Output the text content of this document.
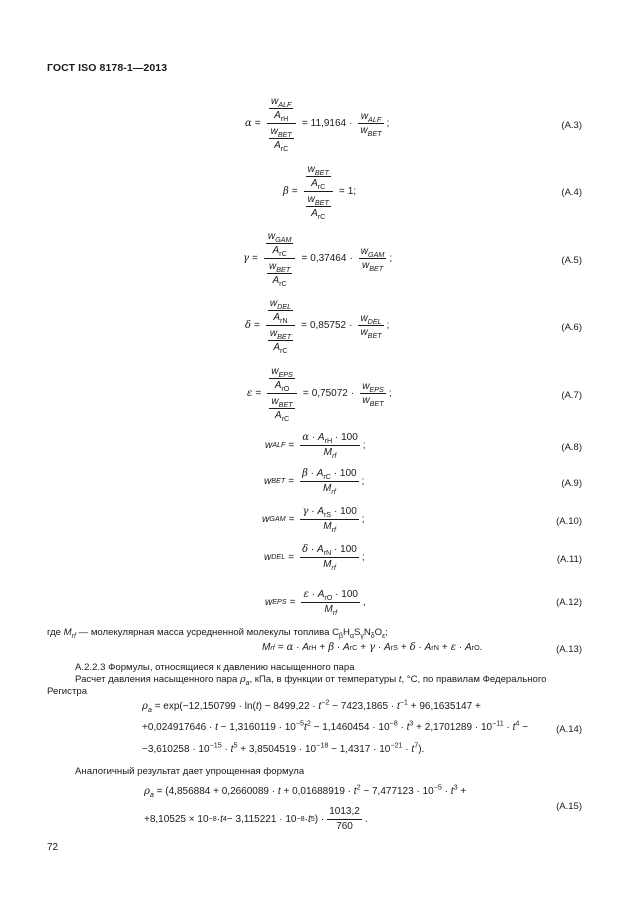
ГОСТ ISO 8178-1—2013
$\alpha = \frac{\frac{w_{ALF}}{A_{rH}}}{\frac{w_{BET}}{A_{rC}}} = 11,9164 \cdot \frac{w_{ALF}}{w_{BET}}$ ;	(A.3)
$\beta = \frac{\frac{w_{BET}}{A_{rC}}}{\frac{w_{BET}}{A_{rC}}} = 1$;	(A.4)
$\gamma = \frac{\frac{w_{GAM}}{A_{rC}}}{\frac{w_{BET}}{A_{rC}}} = 0,37464 \cdot \frac{w_{GAM}}{w_{BET}}$ ;	(A.5)
$\delta = \frac{\frac{w_{DEL}}{A_{rN}}}{\frac{w_{BET}}{A_{rC}}} = 0,85752 \cdot \frac{w_{DEL}}{w_{BET}}$ ;	(A.6)
$\varepsilon = \frac{\frac{w_{EPS}}{A_{rO}}}{\frac{w_{BET}}{A_{rC}}} = 0,75072 \cdot \frac{w_{EPS}}{w_{BET}}$ ;	(A.7)
w ALF = $\frac{\alpha \cdot A_{rH} \cdot 100}{M_{rf}}$ ;	(A.8)
w BET = $\frac{\beta \cdot A_{rC} \cdot 100}{M_{rf}}$ ;	(A.9)
w GAM = $\frac{\gamma \cdot A_{rS} \cdot 100}{M_{rf}}$ ;	(A.10)
w DEL = $\frac{\delta \cdot A_{rN} \cdot 100}{M_{rf}}$ ;	(A.11)
w EPS = $\frac{\varepsilon \cdot A_{rO} \cdot 100}{M_{rf}}$ ,	(A.12)
где $M_{rf}$ — молекулярная масса усредненной молекулы топлива $С_\beta H_\alpha S_\gamma N_\delta O_\varepsilon$;
M rf = α · A rH + β · A rC + γ · A rS + δ · A rN + ε · A rO .	(A.13)
А.2.2.3 Формулы, относящиеся к давлению насыщенного пара
Расчет давления насыщенного пара $\rho_a$, кПа, в функции от температуры t, °С, по правилам Федерального
Регистра
$\rho_a = \exp(-12,150799 \cdot \ln(t) - 8499,22 \cdot t^{-2} - 7423,1865 \cdot t^{-1} + 96,1635147$ +
$+0,024917646 \cdot t - 1,3160119 \cdot 10^{-5}t^2 - 1,1460454 \cdot 10^{-8} \cdot t^3 + 2,1701289 \cdot 10^{-11} \cdot t^4$ −	(A.14)
$-3,610258 \cdot 10^{-15} \cdot t^5 + 3,8504519 \cdot 10^{-18} - 1,4317 \cdot 10^{-21} \cdot t^7$).
Аналогичный результат дает упрощенная формула
$\rho_a = (4,856884 + 0,2660089 \cdot t + 0,01688919 \cdot t^2 - 7,477123 \cdot 10^{-5} \cdot t^3$ +
(A.15)
+8,10525 × 10 −8 · t 4 − 3,115221 · 10 −8 · t 5 ) · $\frac{1013,2}{760}$ .
72
